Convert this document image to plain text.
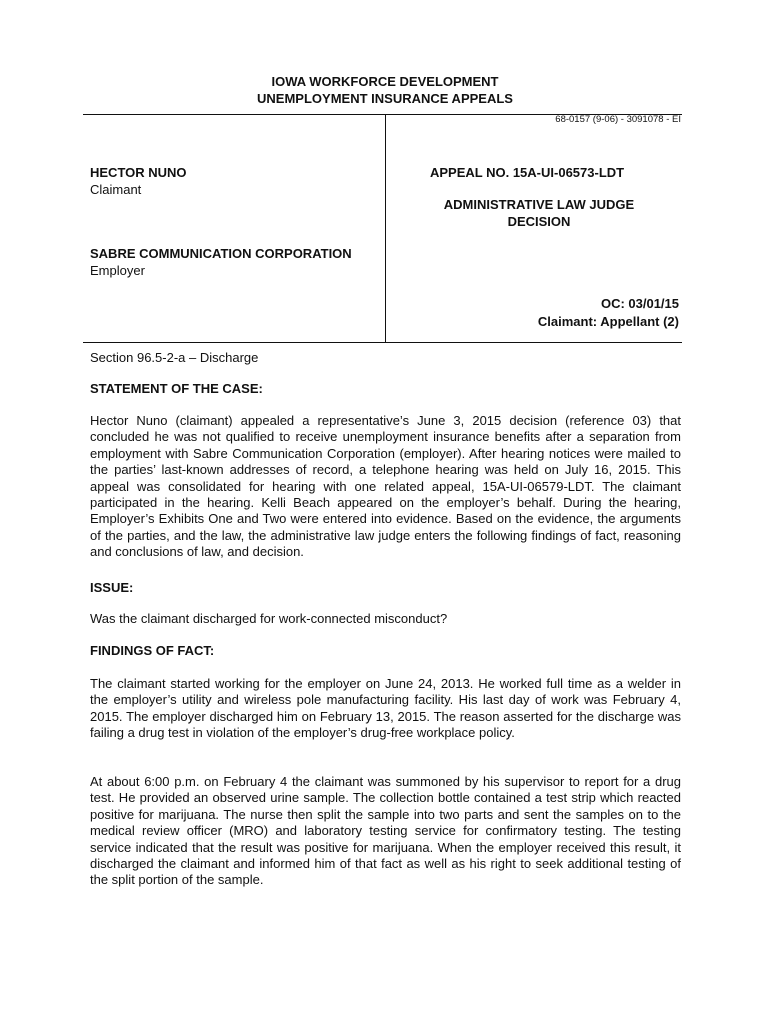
IOWA WORKFORCE DEVELOPMENT
UNEMPLOYMENT INSURANCE APPEALS
68-0157 (9-06) - 3091078 - EI
HECTOR NUNO
Claimant
SABRE COMMUNICATION CORPORATION
Employer
APPEAL NO. 15A-UI-06573-LDT
ADMINISTRATIVE LAW JUDGE
DECISION
OC: 03/01/15
Claimant: Appellant (2)
Section 96.5-2-a – Discharge
STATEMENT OF THE CASE:
Hector Nuno (claimant) appealed a representative’s June 3, 2015 decision (reference 03) that concluded he was not qualified to receive unemployment insurance benefits after a separation from employment with Sabre Communication Corporation (employer). After hearing notices were mailed to the parties’ last-known addresses of record, a telephone hearing was held on July 16, 2015. This appeal was consolidated for hearing with one related appeal, 15A-UI-06579-LDT. The claimant participated in the hearing. Kelli Beach appeared on the employer’s behalf. During the hearing, Employer’s Exhibits One and Two were entered into evidence. Based on the evidence, the arguments of the parties, and the law, the administrative law judge enters the following findings of fact, reasoning and conclusions of law, and decision.
ISSUE:
Was the claimant discharged for work-connected misconduct?
FINDINGS OF FACT:
The claimant started working for the employer on June 24, 2013. He worked full time as a welder in the employer’s utility and wireless pole manufacturing facility. His last day of work was February 4, 2015. The employer discharged him on February 13, 2015. The reason asserted for the discharge was failing a drug test in violation of the employer’s drug-free workplace policy.
At about 6:00 p.m. on February 4 the claimant was summoned by his supervisor to report for a drug test. He provided an observed urine sample. The collection bottle contained a test strip which reacted positive for marijuana. The nurse then split the sample into two parts and sent the samples on to the medical review officer (MRO) and laboratory testing service for confirmatory testing. The testing service indicated that the result was positive for marijuana. When the employer received this result, it discharged the claimant and informed him of that fact as well as his right to seek additional testing of the split portion of the sample.
